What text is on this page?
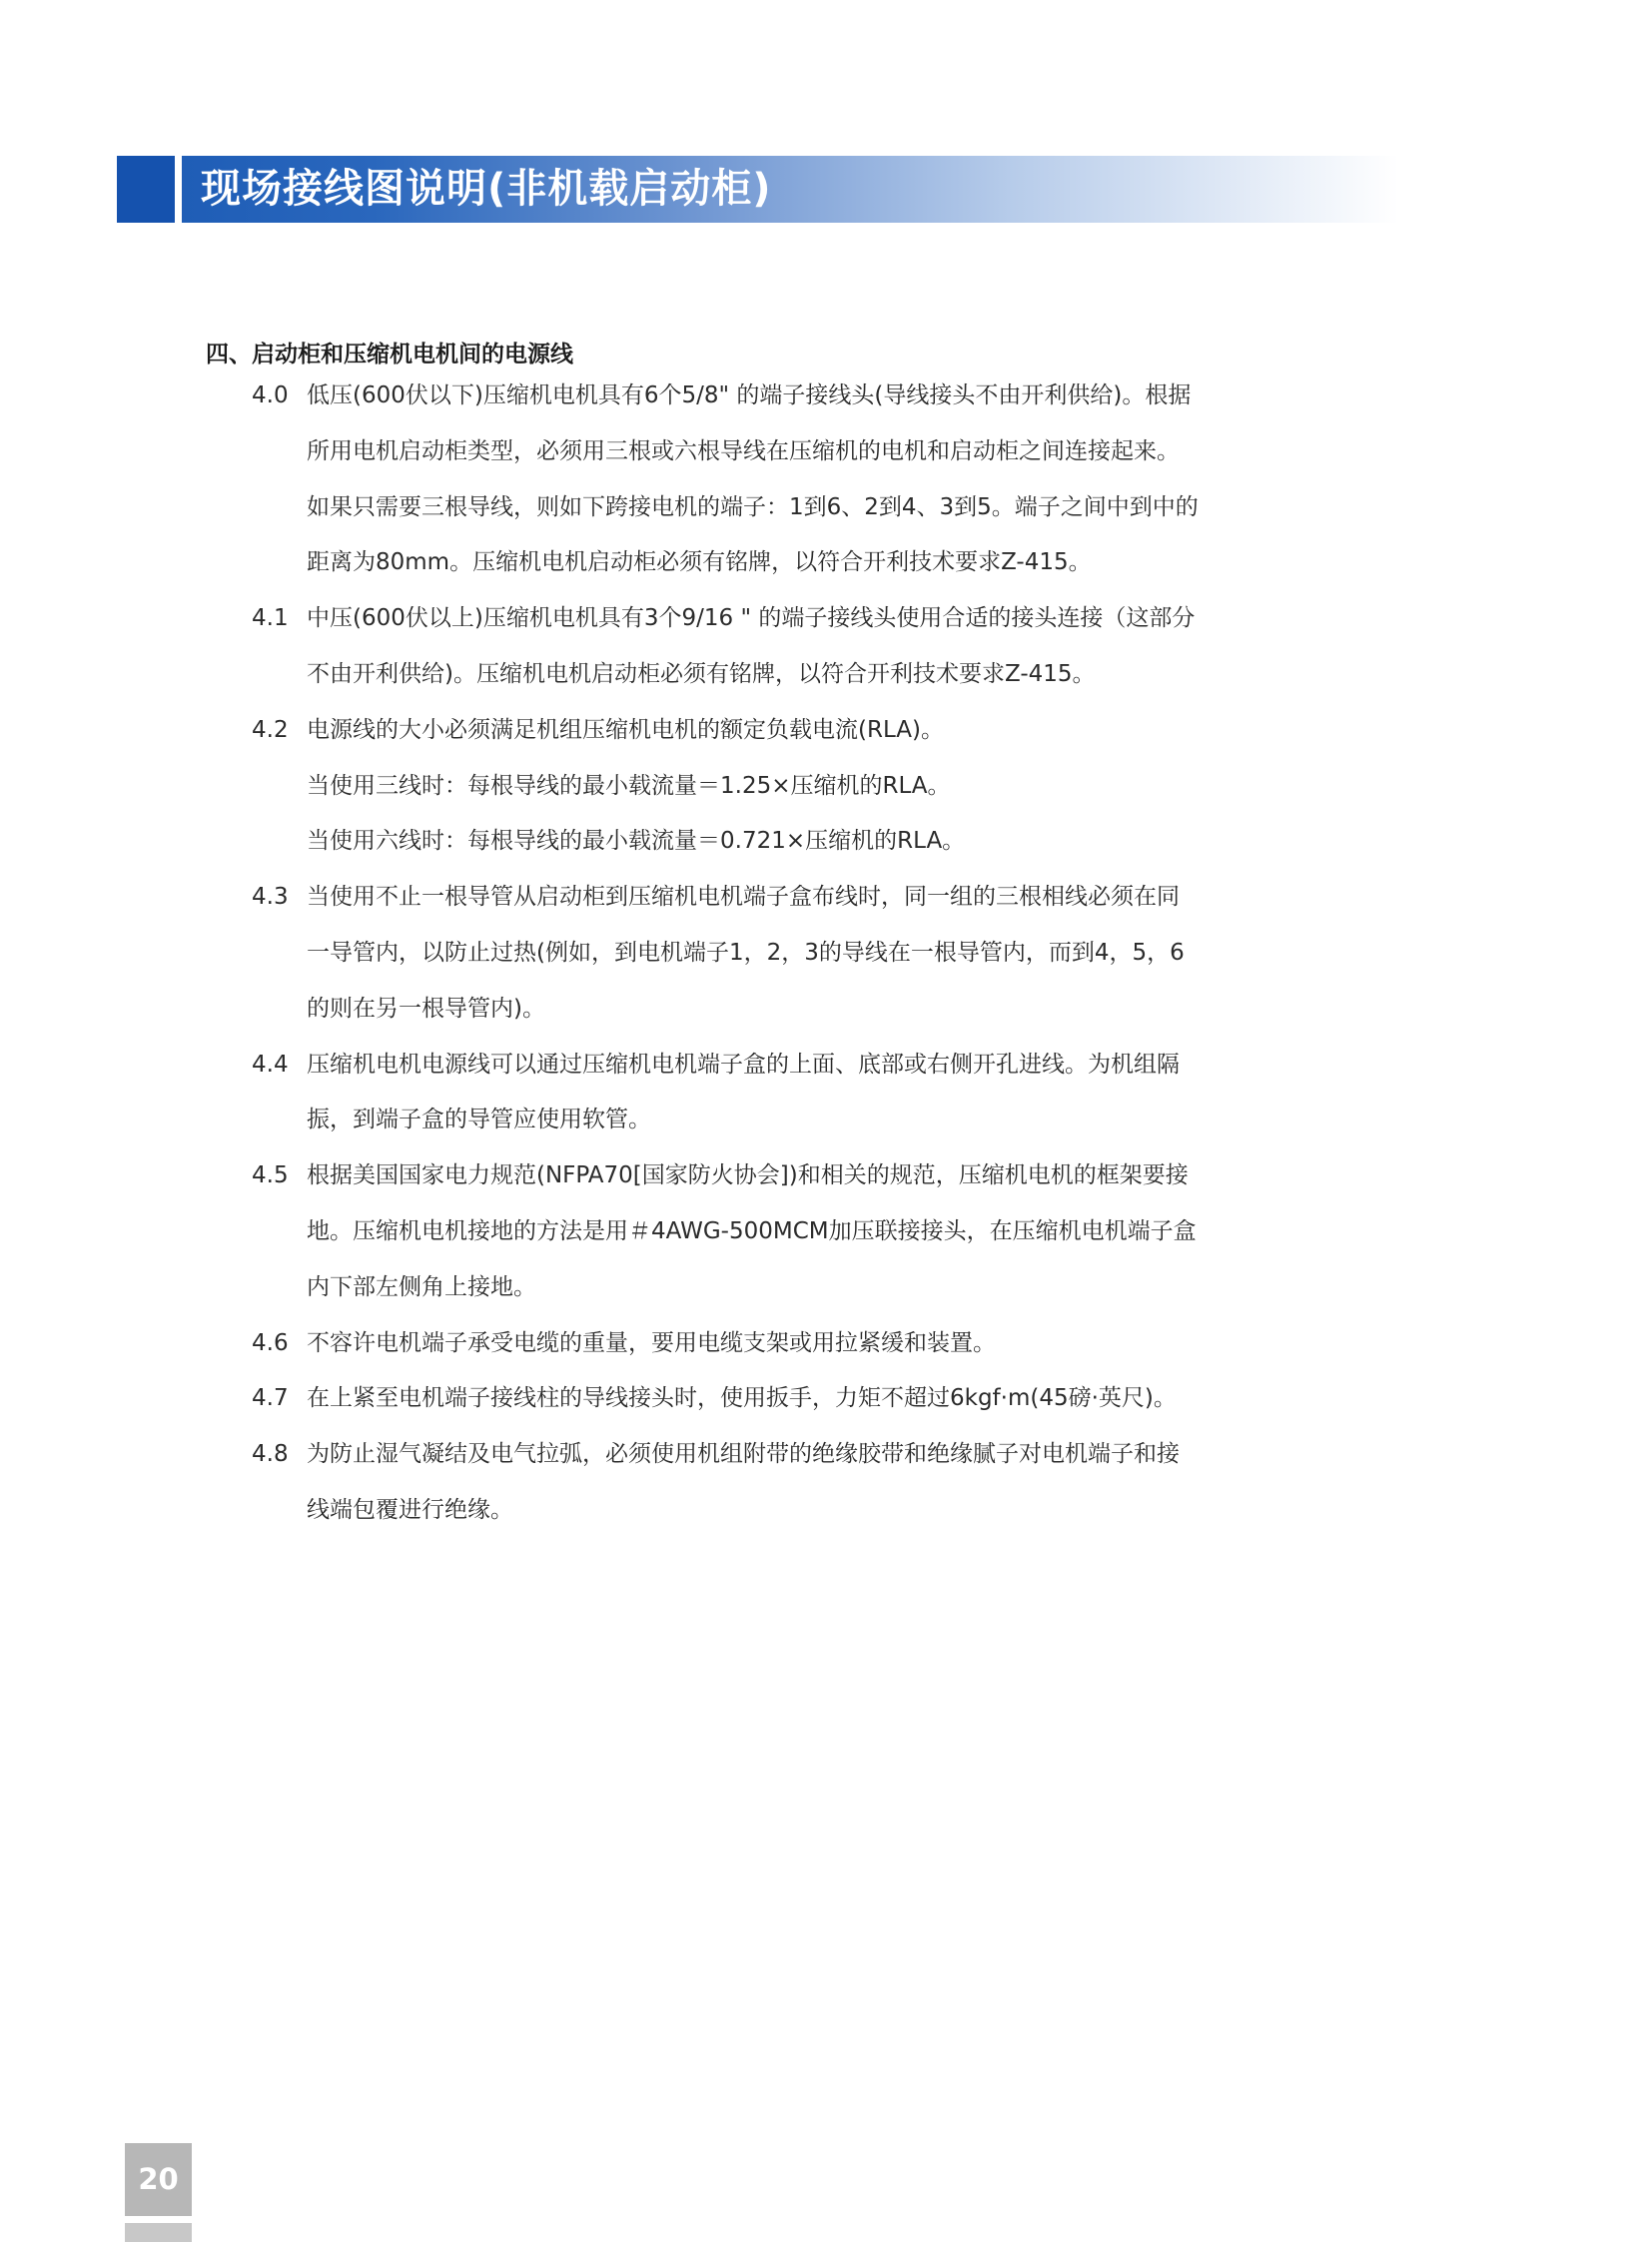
现场接线图说明(非机载启动柜)
四、启动柜和压缩机电机间的电源线
4.0 低压(600伏以下)压缩机电机具有6个5/8" 的端子接线头(导线接头不由开利供给)。根据
所用电机启动柜类型，必须用三根或六根导线在压缩机的电机和启动柜之间连接起来。
如果只需要三根导线，则如下跨接电机的端子：1到6、2到4、3到5。端子之间中到中的
距离为80mm。压缩机电机启动柜必须有铭牌，以符合开利技术要求Z-415。
4.1 中压(600伏以上)压缩机电机具有3个9/16 " 的端子接线头使用合适的接头连接（这部分
不由开利供给)。压缩机电机启动柜必须有铭牌，以符合开利技术要求Z-415。
4.2 电源线的大小必须满足机组压缩机电机的额定负载电流(RLA)。
当使用三线时：每根导线的最小载流量＝1.25×压缩机的RLA。
当使用六线时：每根导线的最小载流量＝0.721×压缩机的RLA。
4.3 当使用不止一根导管从启动柜到压缩机电机端子盒布线时，同一组的三根相线必须在同
一导管内，以防止过热(例如，到电机端子1，2，3的导线在一根导管内，而到4，5，6
的则在另一根导管内)。
4.4 压缩机电机电源线可以通过压缩机电机端子盒的上面、底部或右侧开孔进线。为机组隔
振，到端子盒的导管应使用软管。
4.5 根据美国国家电力规范(NFPA70[国家防火协会])和相关的规范，压缩机电机的框架要接
地。压缩机电机接地的方法是用＃4AWG-500MCM加压联接接头，在压缩机电机端子盒
内下部左侧角上接地。
4.6 不容许电机端子承受电缆的重量，要用电缆支架或用拉紧缓和装置。
4.7 在上紧至电机端子接线柱的导线接头时，使用扳手，力矩不超过6kgf·m(45磅·英尺)。
4.8 为防止湿气凝结及电气拉弧，必须使用机组附带的绝缘胶带和绝缘腻子对电机端子和接
线端包覆进行绝缘。
20
